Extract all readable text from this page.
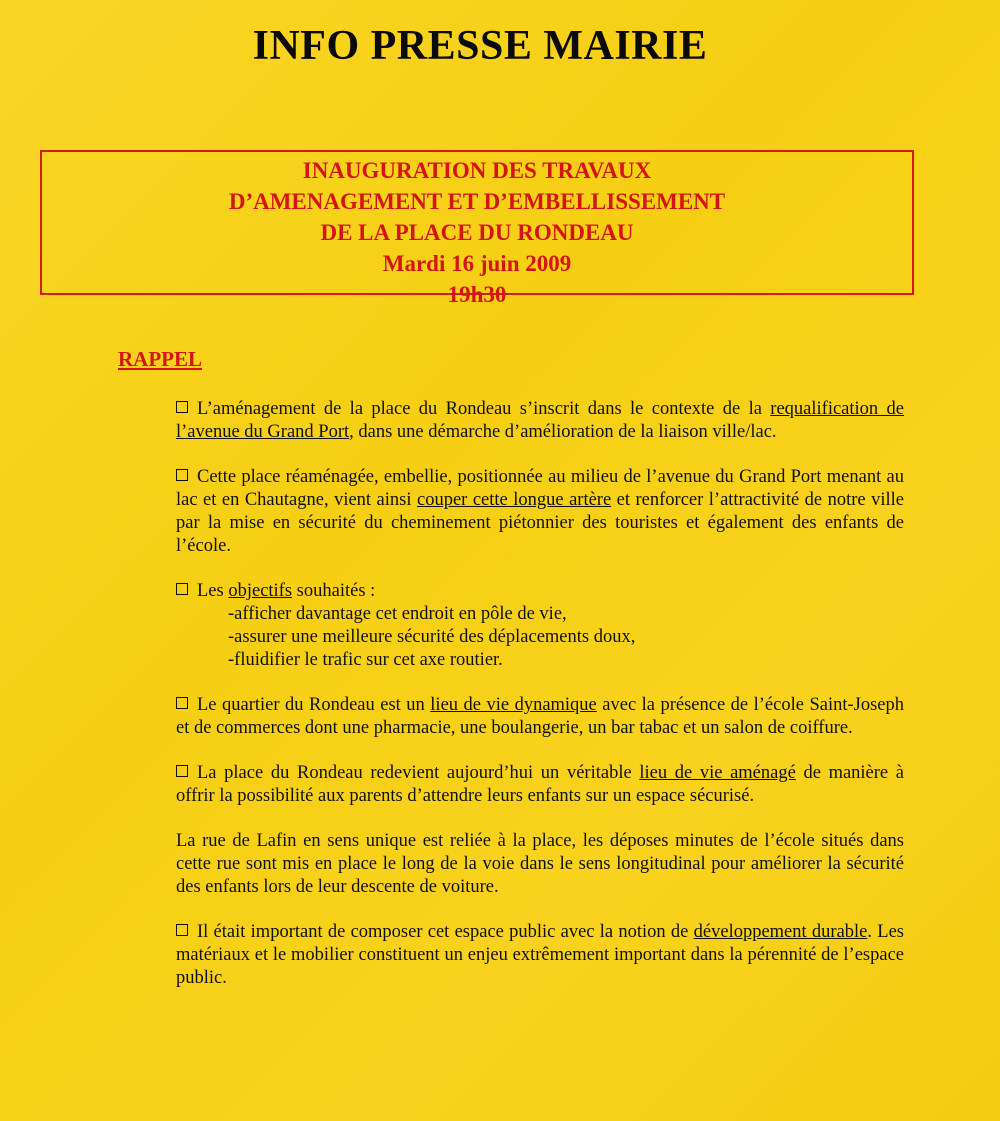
INFO PRESSE MAIRIE
INAUGURATION DES TRAVAUX
D’AMENAGEMENT ET D’EMBELLISSEMENT
DE LA PLACE DU RONDEAU
Mardi 16 juin 2009
19h30
RAPPEL

L’aménagement de la place du Rondeau s’inscrit dans le contexte de la requalification de l’avenue du Grand Port, dans une démarche d’amélioration de la liaison ville/lac.

Cette place réaménagée, embellie, positionnée au milieu de l’avenue du Grand Port menant au lac et en Chautagne, vient ainsi couper cette longue artère et renforcer l’attractivité de notre ville par la mise en sécurité du cheminement piétonnier des touristes et également des enfants de l’école.

Les objectifs souhaités :
-afficher davantage cet endroit en pôle de vie,
-assurer une meilleure sécurité des déplacements doux,
-fluidifier le trafic sur cet axe routier.

Le quartier du Rondeau est un lieu de vie dynamique avec la présence de l’école Saint-Joseph et de commerces dont une pharmacie, une boulangerie, un bar tabac et un salon de coiffure.

La place du Rondeau redevient aujourd’hui un véritable lieu de vie aménagé de manière à offrir la possibilité aux parents d’attendre leurs enfants sur un espace sécurisé.

La rue de Lafin en sens unique est reliée à la place, les déposes minutes de l’école situés dans cette rue sont mis en place le long de la voie dans le sens longitudinal pour améliorer la sécurité des enfants lors de leur descente de voiture.

Il était important de composer cet espace public avec la notion de développement durable. Les matériaux et le mobilier constituent un enjeu extrêmement important dans la pérennité de l’espace public.
